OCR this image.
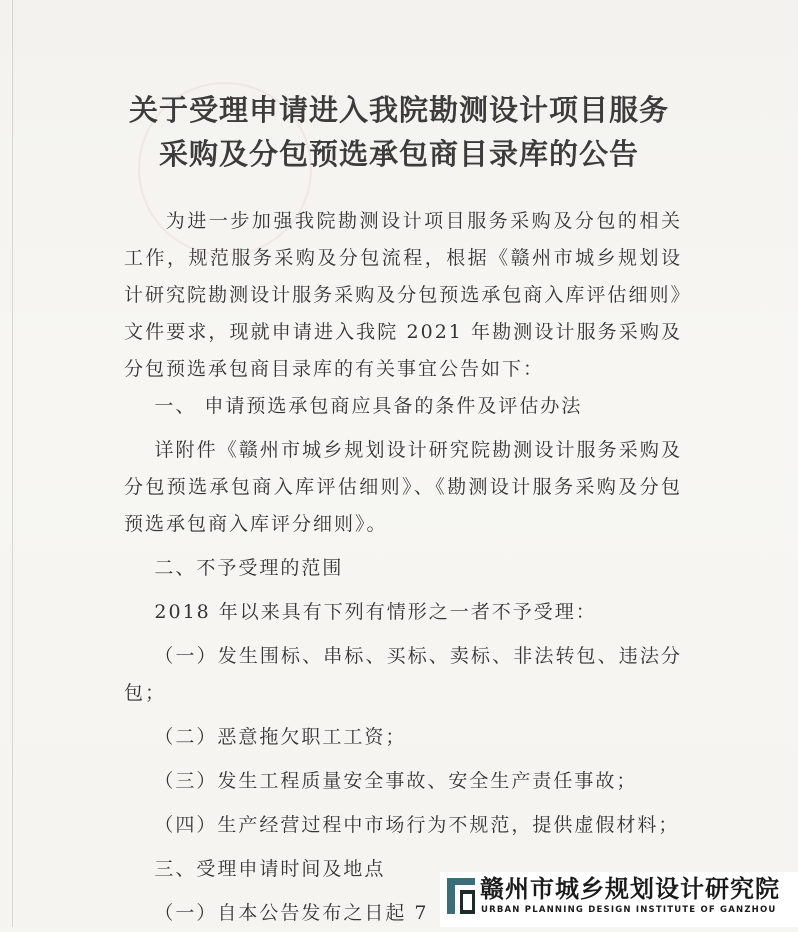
关于受理申请进入我院勘测设计项目服务
采购及分包预选承包商目录库的公告

为进一步加强我院勘测设计项目服务采购及分包的相关工作，规范服务采购及分包流程，根据《赣州市城乡规划设计研究院勘测设计服务采购及分包预选承包商入库评估细则》文件要求，现就申请进入我院 2021 年勘测设计服务采购及分包预选承包商目录库的有关事宜公告如下：

一、 申请预选承包商应具备的条件及评估办法

详附件《赣州市城乡规划设计研究院勘测设计服务采购及分包预选承包商入库评估细则》、《勘测设计服务采购及分包预选承包商入库评分细则》。

二、不予受理的范围

2018 年以来具有下列有情形之一者不予受理：

（一）发生围标、串标、买标、卖标、非法转包、违法分包；

（二）恶意拖欠职工工资；

（三）发生工程质量安全事故、安全生产责任事故；

（四）生产经营过程中市场行为不规范，提供虚假材料；

三、受理申请时间及地点

（一）自本公告发布之日起 7

赣州市城乡规划设计研究院
URBAN PLANNING DESIGN INSTITUTE OF GANZHOU
